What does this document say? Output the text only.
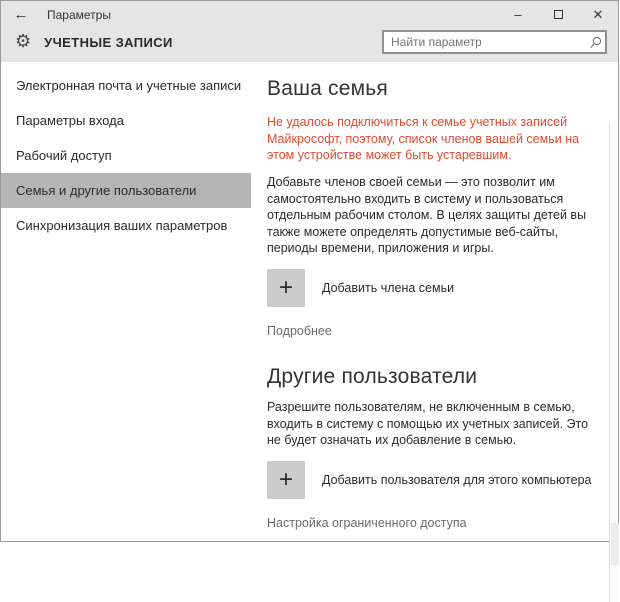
← Параметры	–	✕
⚙ УЧЕТНЫЕ ЗАПИСИ
Найти параметр
Электронная почта и учетные записи
Параметры входа
Рабочий доступ
Семья и другие пользователи
Синхронизация ваших параметров
Ваша семья
Не удалось подключиться к семье учетных записей Майкрософт, поэтому, список членов вашей семьи на этом устройстве может быть устаревшим.
Добавьте членов своей семьи — это позволит им самостоятельно входить в систему и пользоваться отдельным рабочим столом. В целях защиты детей вы также можете определять допустимые веб-сайты, периоды времени, приложения и игры.
+	Добавить члена семьи
Подробнее
Другие пользователи
Разрешите пользователям, не включенным в семью, входить в систему с помощью их учетных записей. Это не будет означать их добавление в семью.
+	Добавить пользователя для этого компьютера
Настройка ограниченного доступа
